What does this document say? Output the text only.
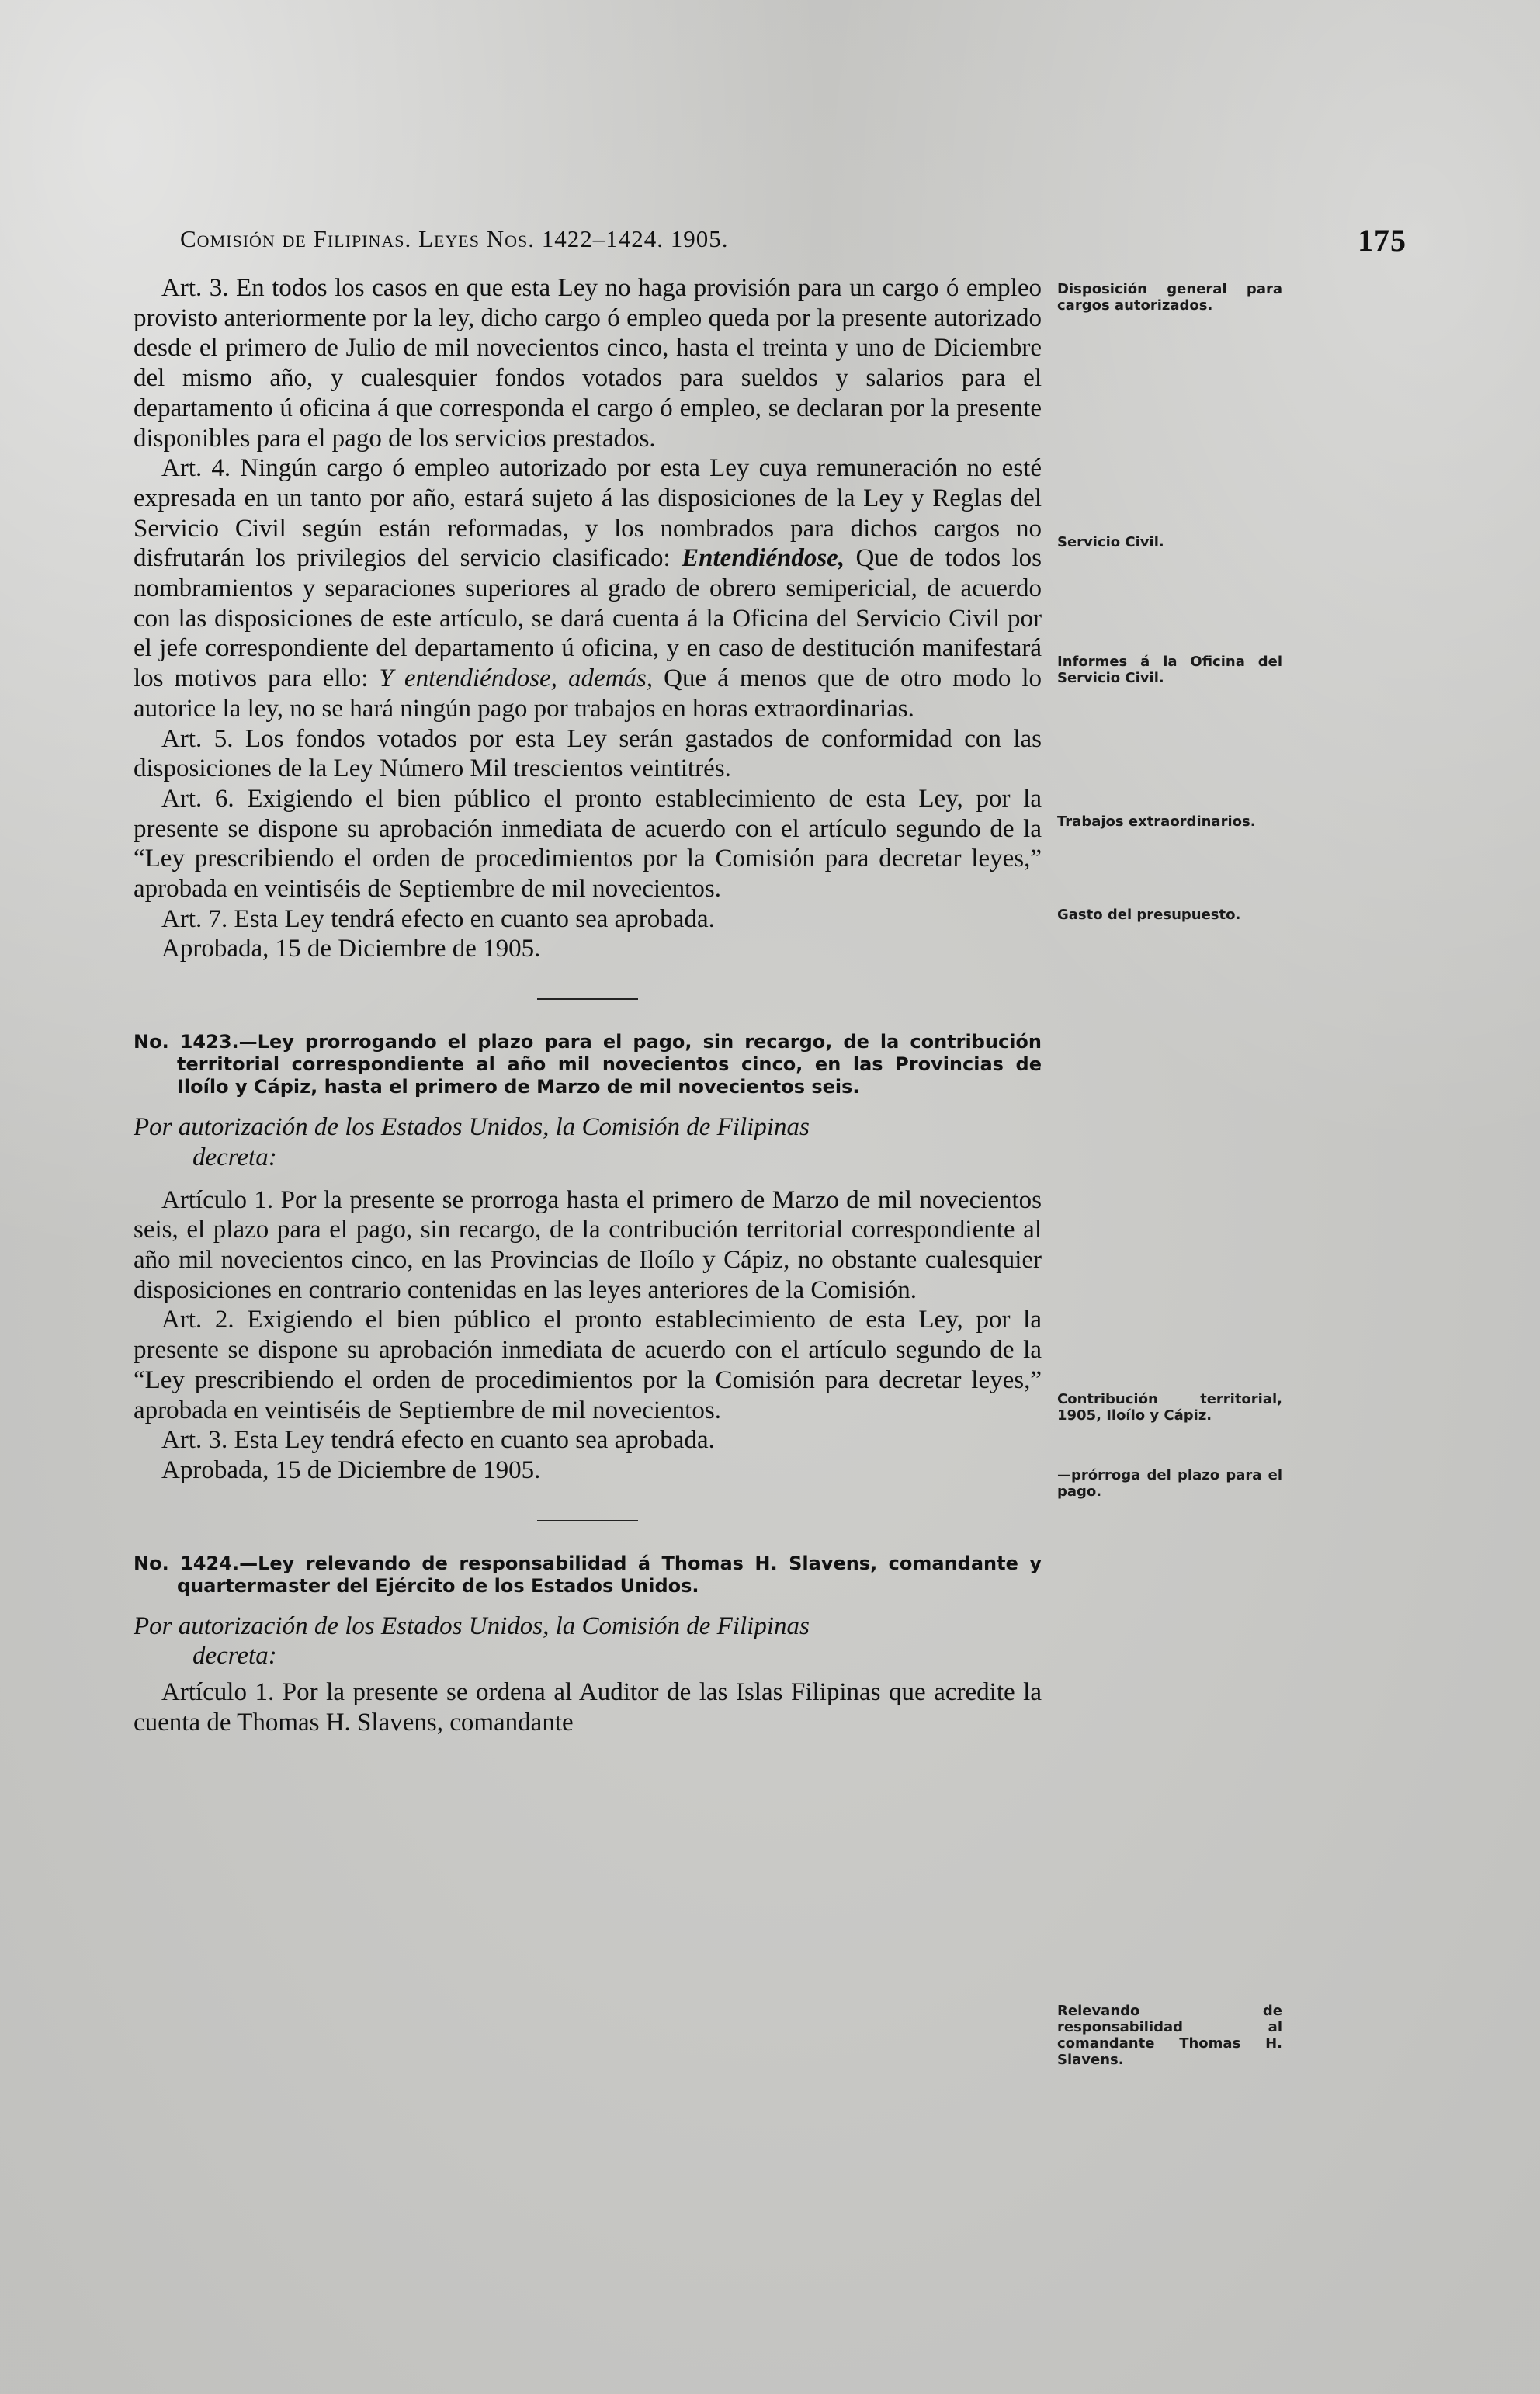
Comisión de Filipinas. Leyes Nos. 1422–1424. 1905.	175

Art. 3. En todos los casos en que esta Ley no haga provisión para un cargo ó empleo provisto anteriormente por la ley, dicho cargo ó empleo queda por la presente autorizado desde el primero de Julio de mil novecientos cinco, hasta el treinta y uno de Diciembre del mismo año, y cualesquier fondos votados para sueldos y salarios para el departamento ú oficina á que corresponda el cargo ó empleo, se declaran por la presente disponibles para el pago de los servicios prestados.

Art. 4. Ningún cargo ó empleo autorizado por esta Ley cuya remuneración no esté expresada en un tanto por año, estará sujeto á las disposiciones de la Ley y Reglas del Servicio Civil según están reformadas, y los nombrados para dichos cargos no disfrutarán los privilegios del servicio clasificado: Entendiéndose, Que de todos los nombramientos y separaciones superiores al grado de obrero semipericial, de acuerdo con las disposiciones de este artículo, se dará cuenta á la Oficina del Servicio Civil por el jefe correspondiente del departamento ú oficina, y en caso de destitución manifestará los motivos para ello: Y entendiéndose, además, Que á menos que de otro modo lo autorice la ley, no se hará ningún pago por trabajos en horas extraordinarias.

Art. 5. Los fondos votados por esta Ley serán gastados de conformidad con las disposiciones de la Ley Número Mil trescientos veintitrés.

Art. 6. Exigiendo el bien público el pronto establecimiento de esta Ley, por la presente se dispone su aprobación inmediata de acuerdo con el artículo segundo de la “Ley prescribiendo el orden de procedimientos por la Comisión para decretar leyes,” aprobada en veintiséis de Septiembre de mil novecientos.

Art. 7. Esta Ley tendrá efecto en cuanto sea aprobada.

Aprobada, 15 de Diciembre de 1905.

No. 1423.—Ley prorrogando el plazo para el pago, sin recargo, de la contribución territorial correspondiente al año mil novecientos cinco, en las Provincias de Iloílo y Cápiz, hasta el primero de Marzo de mil novecientos seis.

Por autorización de los Estados Unidos, la Comisión de Filipinas

decreta:

Artículo 1. Por la presente se prorroga hasta el primero de Marzo de mil novecientos seis, el plazo para el pago, sin recargo, de la contribución territorial correspondiente al año mil novecientos cinco, en las Provincias de Iloílo y Cápiz, no obstante cualesquier disposiciones en contrario contenidas en las leyes anteriores de la Comisión.

Art. 2. Exigiendo el bien público el pronto establecimiento de esta Ley, por la presente se dispone su aprobación inmediata de acuerdo con el artículo segundo de la “Ley prescribiendo el orden de procedimientos por la Comisión para decretar leyes,” aprobada en veintiséis de Septiembre de mil novecientos.

Art. 3. Esta Ley tendrá efecto en cuanto sea aprobada.

Aprobada, 15 de Diciembre de 1905.

No. 1424.—Ley relevando de responsabilidad á Thomas H. Slavens, comandante y quartermaster del Ejército de los Estados Unidos.

Por autorización de los Estados Unidos, la Comisión de Filipinas

decreta:

Artículo 1. Por la presente se ordena al Auditor de las Islas Filipinas que acredite la cuenta de Thomas H. Slavens, comandante

Disposición general para cargos autorizados.
Servicio Civil.
Informes á la Oficina del Servicio Civil.
Trabajos extraordinarios.
Gasto del presupuesto.
Contribución territorial, 1905, Iloílo y Cápiz.
—prórroga del plazo para el pago.
Relevando de responsabilidad al comandante Thomas H. Slavens.
